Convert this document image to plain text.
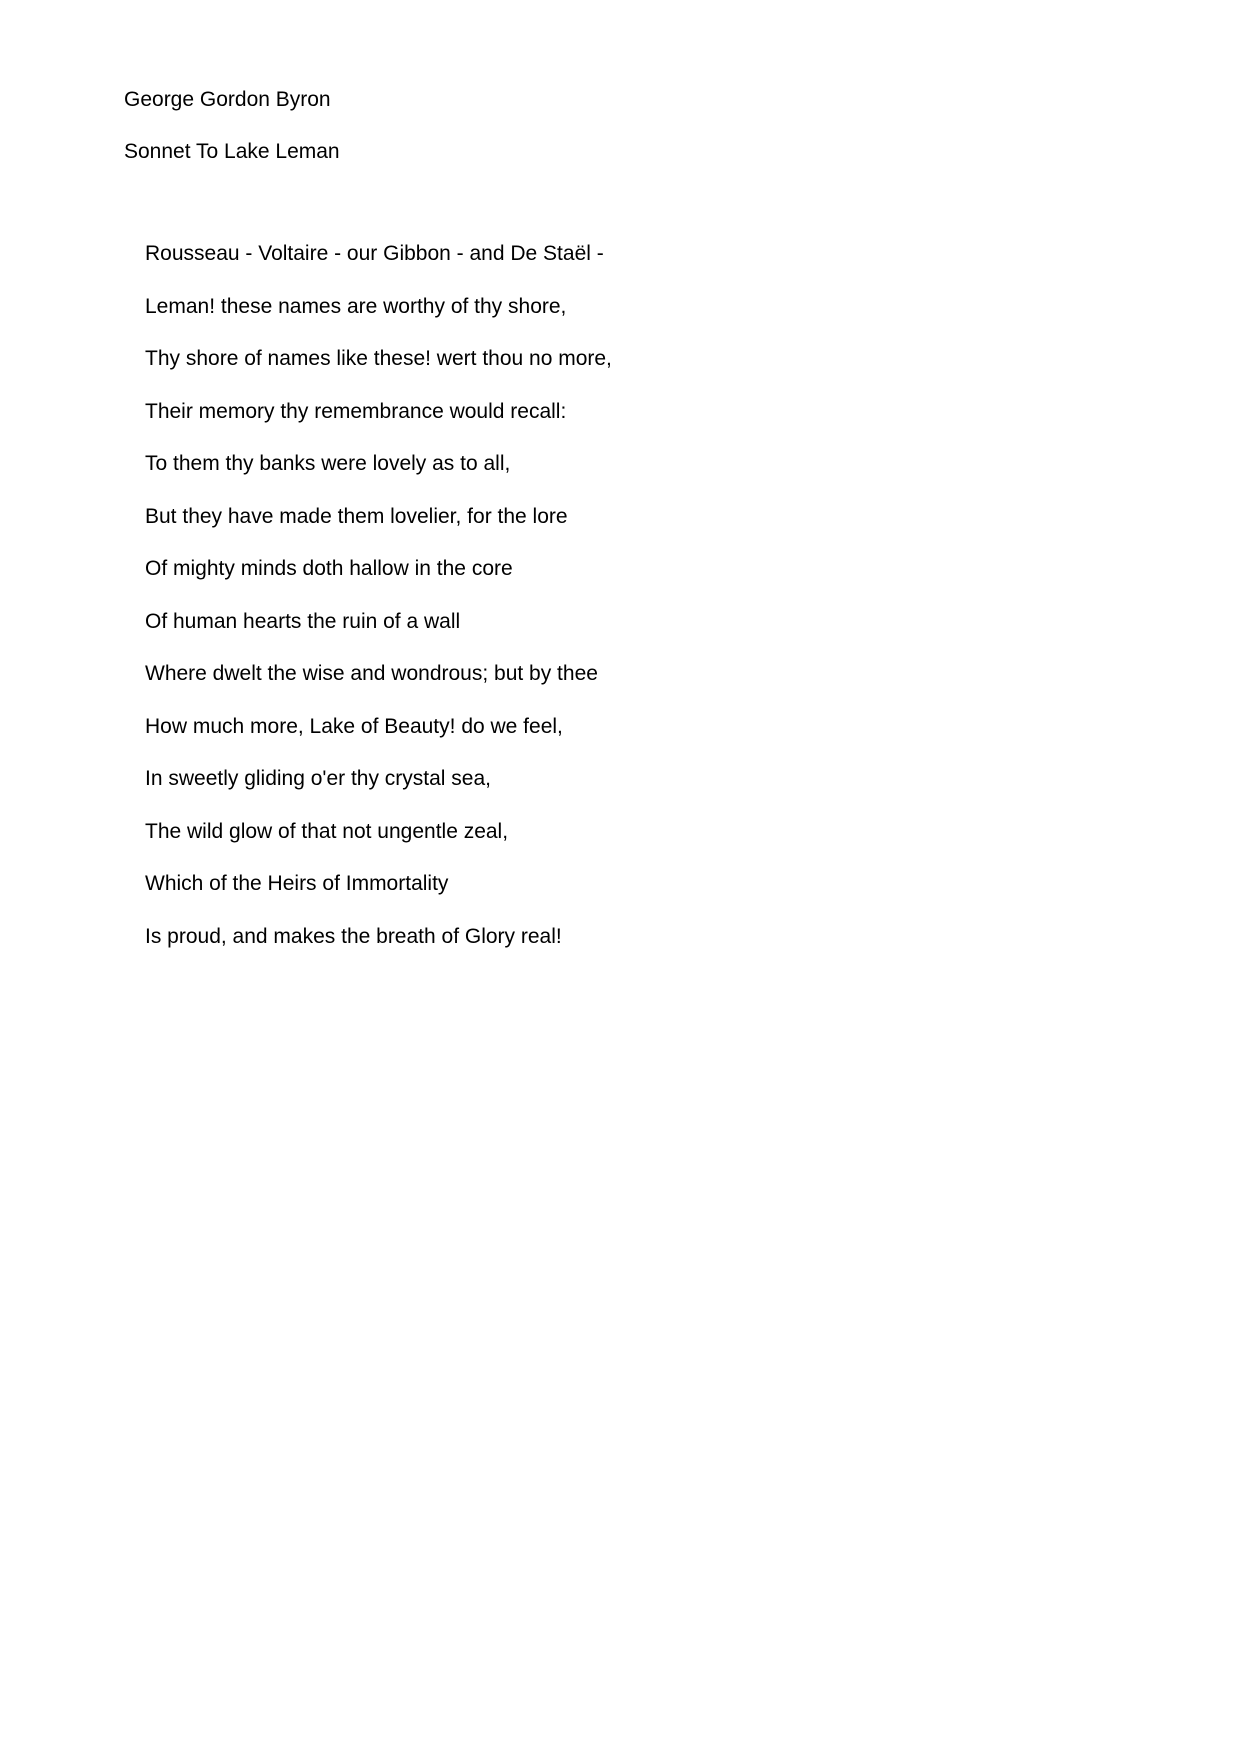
George Gordon Byron
Sonnet To Lake Leman
Rousseau - Voltaire - our Gibbon - and De Staël -
Leman! these names are worthy of thy shore,
Thy shore of names like these! wert thou no more,
Their memory thy remembrance would recall:
To them thy banks were lovely as to all,
But they have made them lovelier, for the lore
Of mighty minds doth hallow in the core
Of human hearts the ruin of a wall
Where dwelt the wise and wondrous; but by thee
How much more, Lake of Beauty! do we feel,
In sweetly gliding o'er thy crystal sea,
The wild glow of that not ungentle zeal,
Which of the Heirs of Immortality
Is proud, and makes the breath of Glory real!
